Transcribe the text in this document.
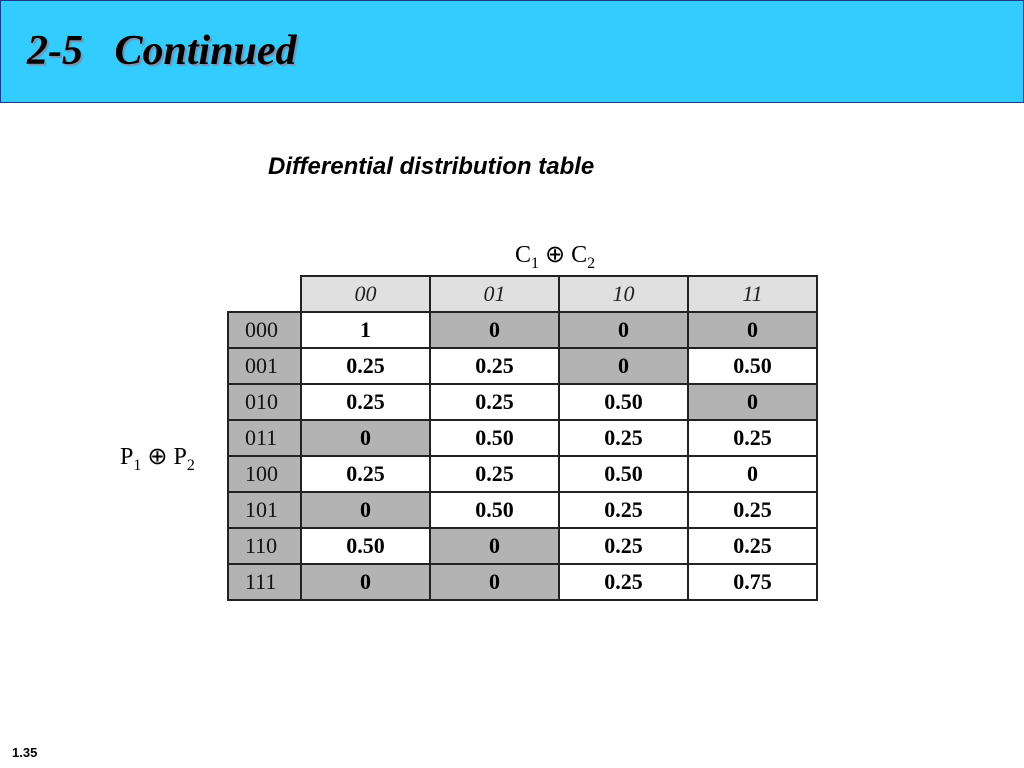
2-5   Continued
Differential distribution table
$C_1$ ⊕ $C_2$
$P_1$ ⊕ $P_2$
	00	01	10	11
000	1	0	0	0
001	0.25	0.25	0	0.50
010	0.25	0.25	0.50	0
011	0	0.50	0.25	0.25
100	0.25	0.25	0.50	0
101	0	0.50	0.25	0.25
110	0.50	0	0.25	0.25
111	0	0	0.25	0.75
1.35
